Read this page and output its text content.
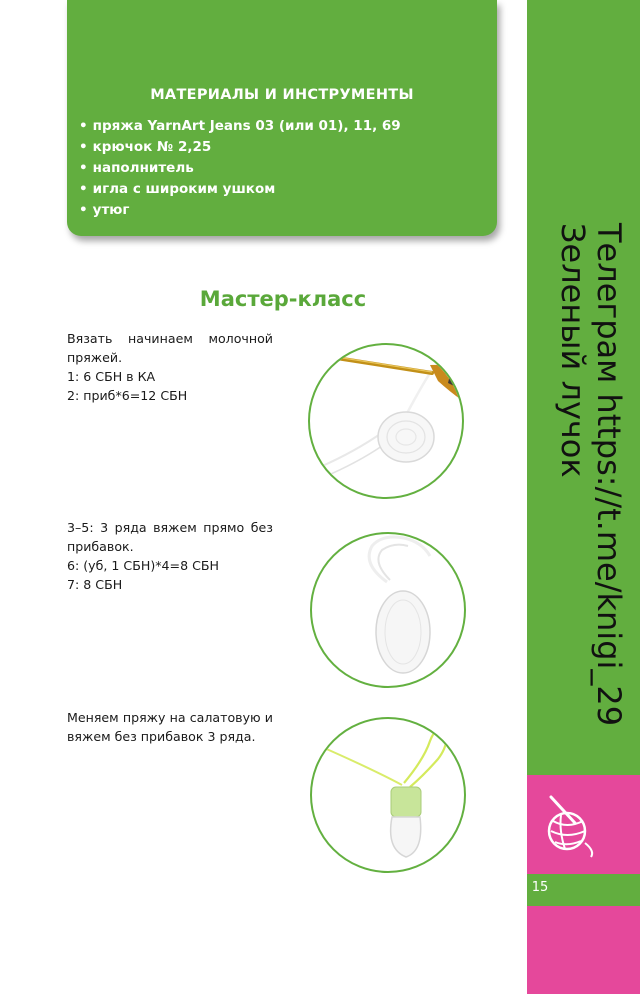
МАТЕРИАЛЫ И ИНСТРУМЕНТЫ
• пряжа YarnArt Jeans 03 (или 01), 11, 69
• крючок № 2,25
• наполнитель
• игла с широким ушком
• утюг
Мастер-класс

Вязать начинаем молочной пряжей.

1: 6 СБН в КА

2: приб*6=12 СБН

3–5: 3 ряда вяжем прямо без прибавок.

6: (уб, 1 СБН)*4=8 СБН

7: 8 СБН

Меняем пряжу на салатовую и вяжем без прибавок 3 ряда.

15
Телеграм https://t.me/knigi_29
Зеленый лучок
